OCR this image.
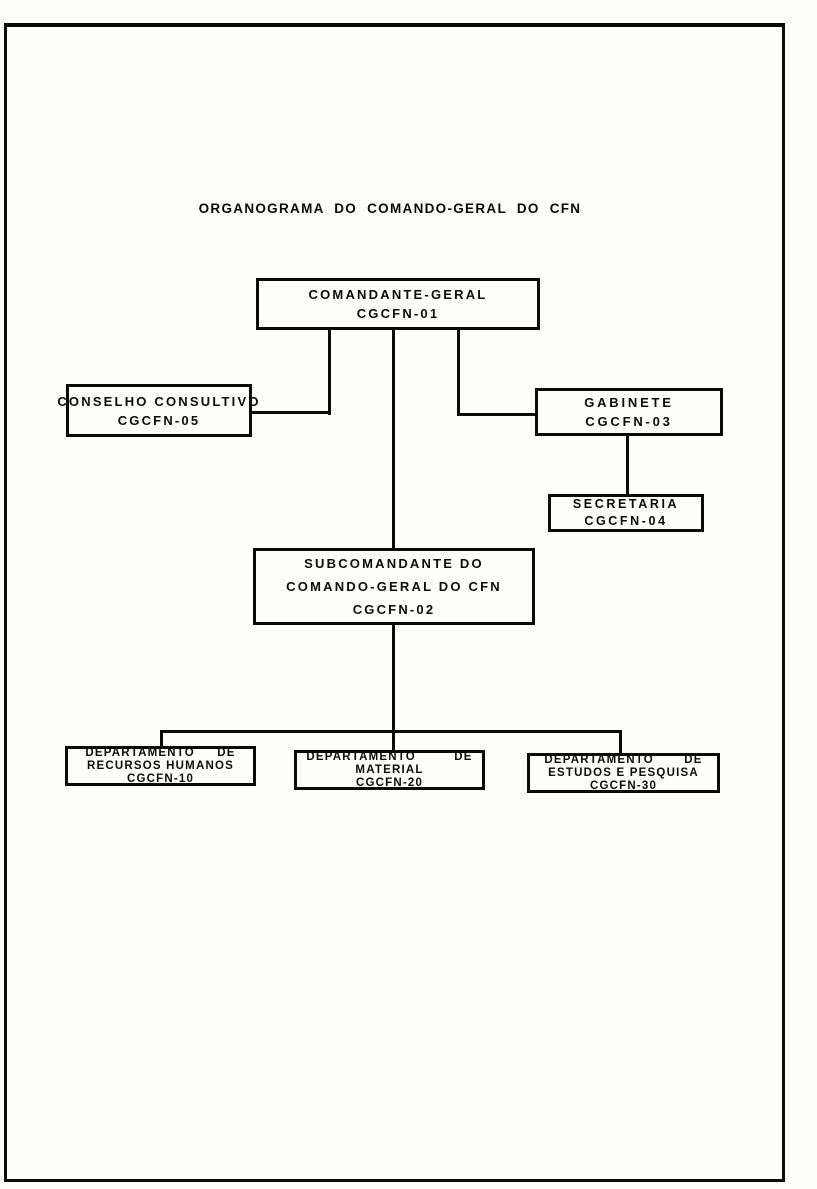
ORGANOGRAMA DO COMANDO-GERAL DO CFN
COMANDANTE-GERAL
CGCFN-01
CONSELHO CONSULTIVO
CGCFN-05
GABINETE
CGCFN-03
SECRETARIA
CGCFN-04
SUBCOMANDANTE DO
COMANDO-GERAL DO CFN
CGCFN-02
DEPARTAMENTO DE
RECURSOS HUMANOS
CGCFN-10
DEPARTAMENTO DE
MATERIAL
CGCFN-20
DEPARTAMENTO DE
ESTUDOS E PESQUISA
CGCFN-30
